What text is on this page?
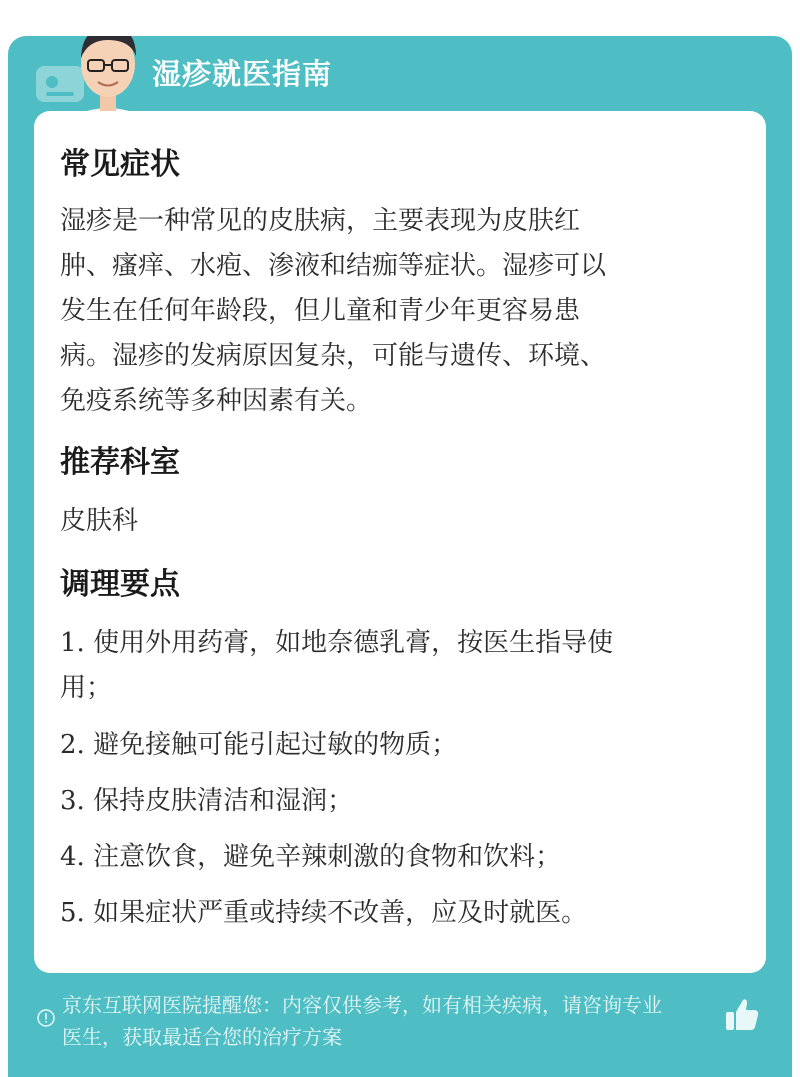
湿疹就医指南
常见症状
湿疹是一种常见的皮肤病，主要表现为皮肤红
肿、瘙痒、水疱、渗液和结痂等症状。湿疹可以
发生在任何年龄段，但儿童和青少年更容易患
病。湿疹的发病原因复杂，可能与遗传、环境、
免疫系统等多种因素有关。
推荐科室
皮肤科
调理要点
1. 使用外用药膏，如地奈德乳膏，按医生指导使
用；
2. 避免接触可能引起过敏的物质；
3. 保持皮肤清洁和湿润；
4. 注意饮食，避免辛辣刺激的食物和饮料；
5. 如果症状严重或持续不改善，应及时就医。
京东互联网医院提醒您：内容仅供参考，如有相关疾病，请咨询专业
医生，获取最适合您的治疗方案
